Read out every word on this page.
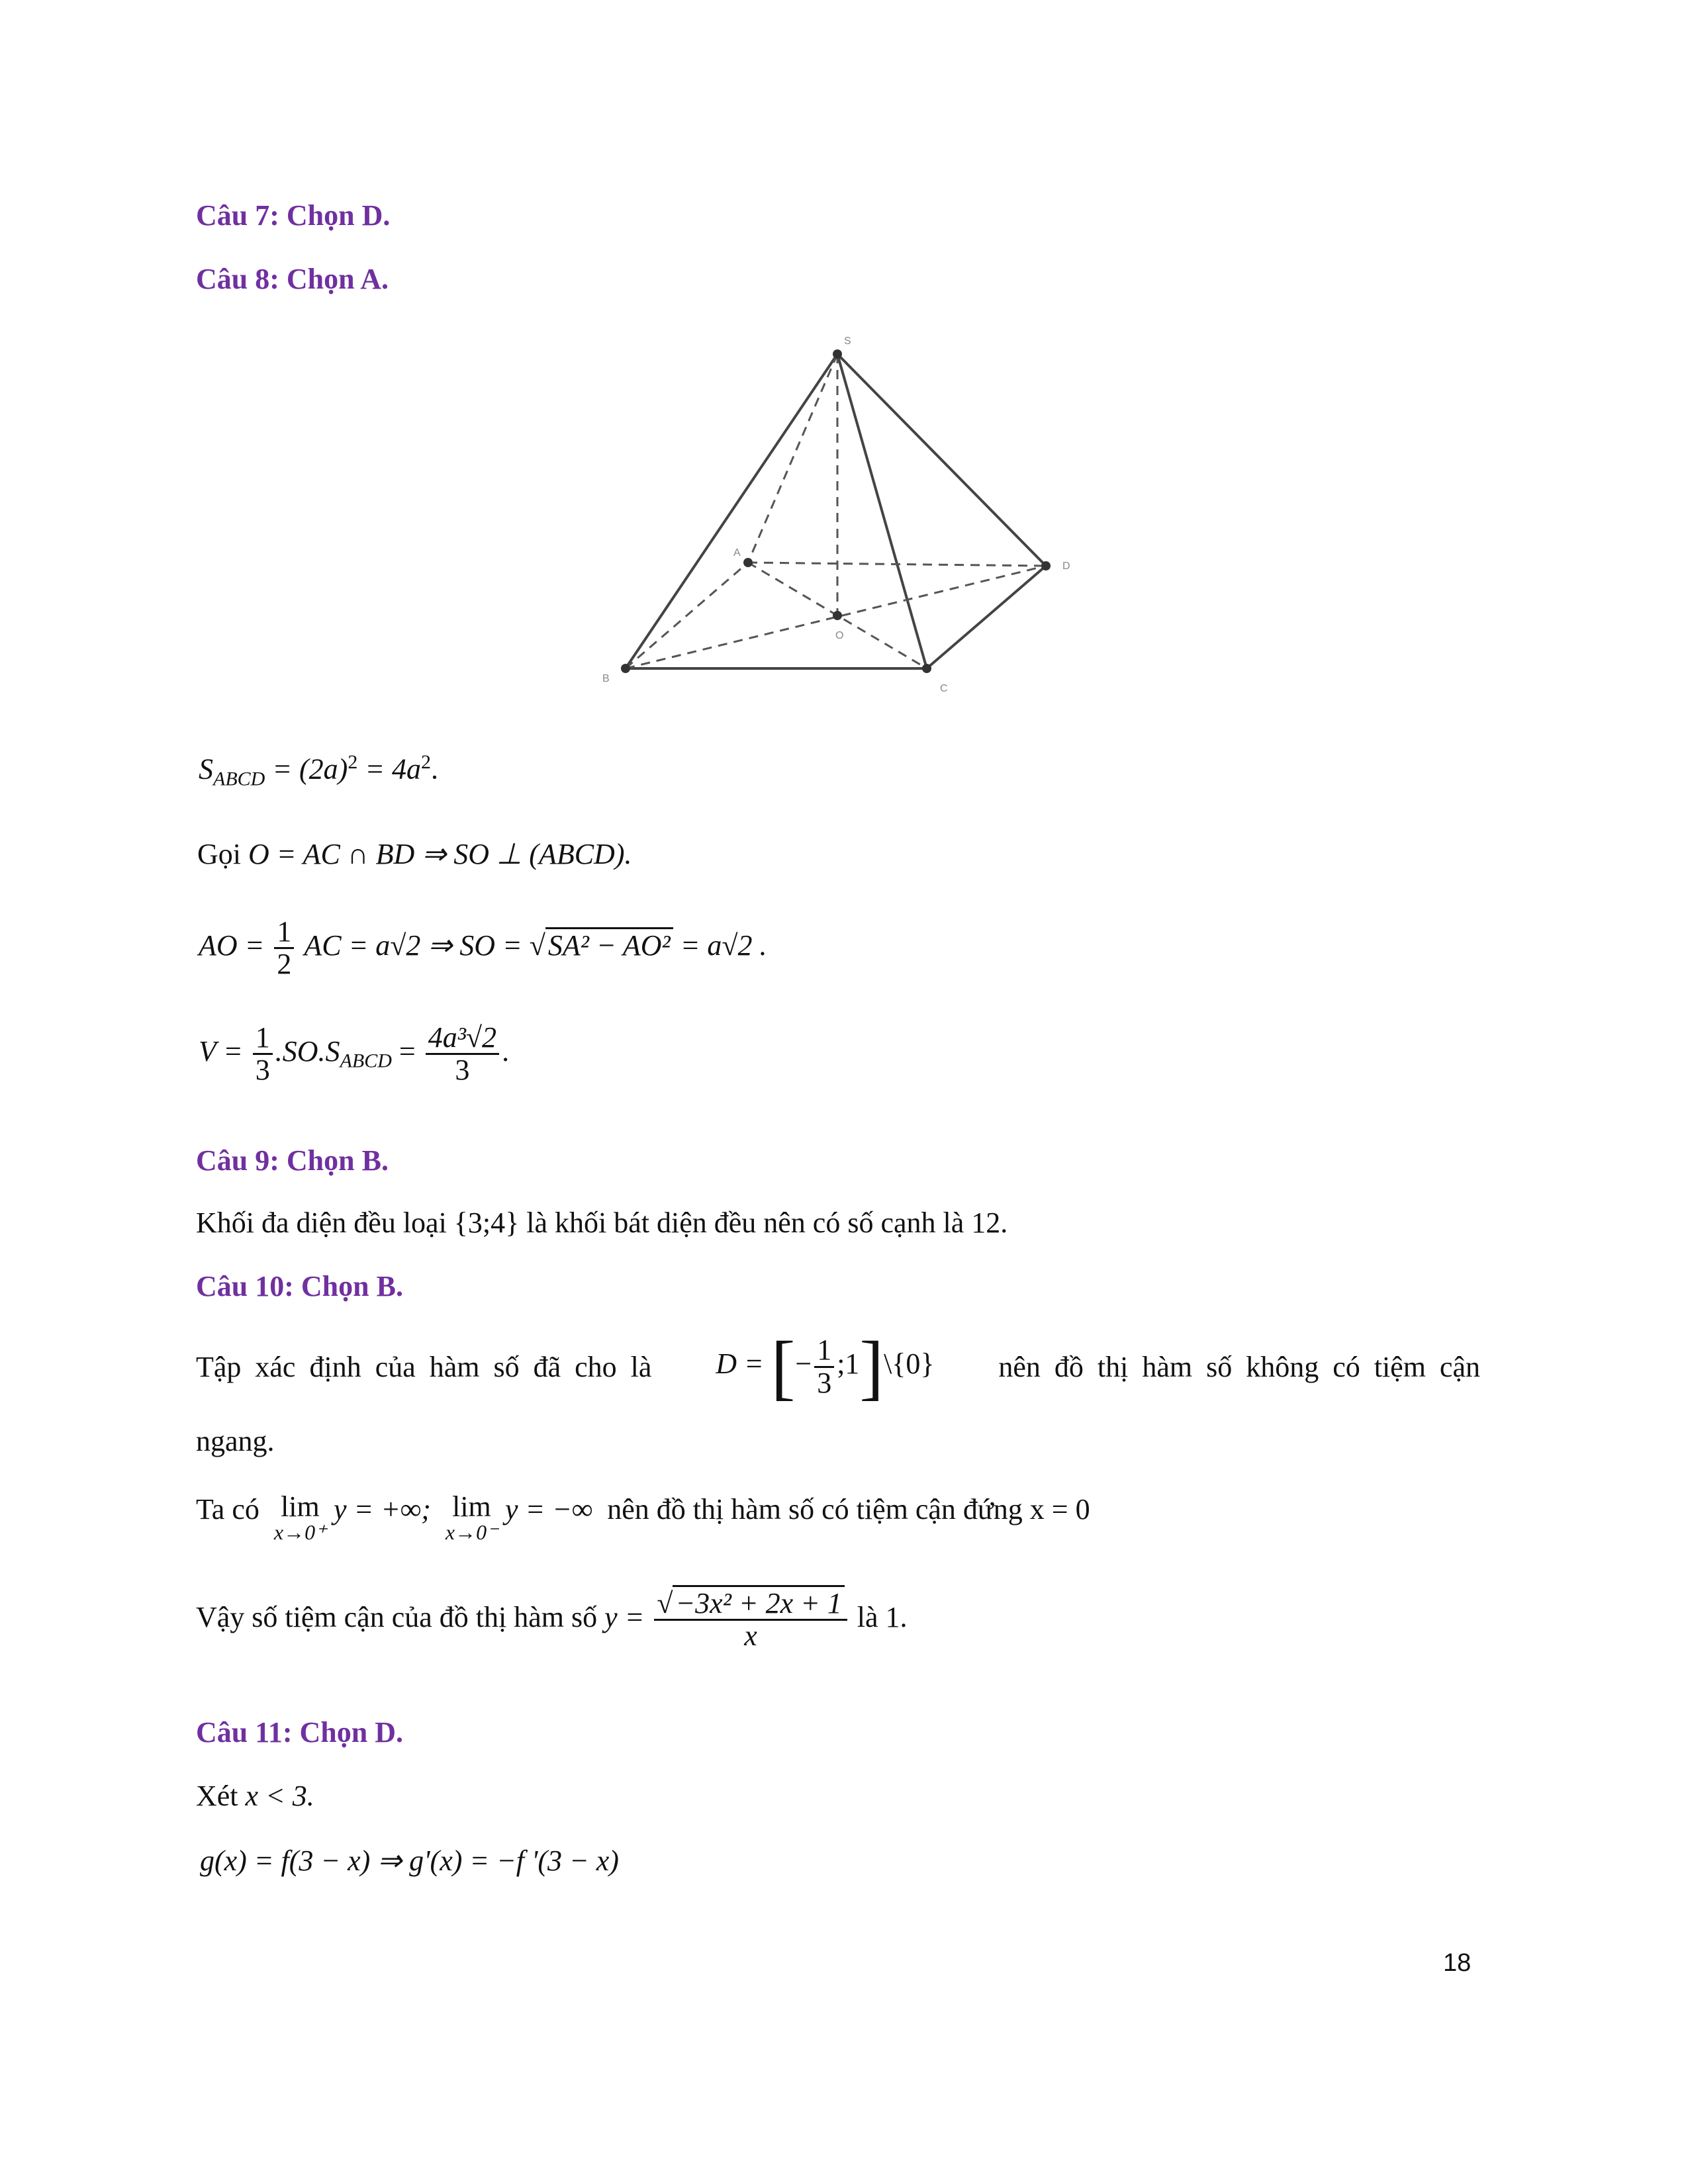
Câu 7: Chọn D.
Câu 8: Chọn A.
S
A
B
C
D
O
$S_{ABCD} = (2a)^2 = 4a^2$.
Gọi O = AC ∩ BD ⇒ SO ⊥ (ABCD).
AO = $\frac{1}{2}$ AC = a√2 ⇒ SO = √SA² − AO² = a√2 .
$V = \frac{1}{3} .SO.S_{ABCD} = \frac{\text{4a³√2}}{3}$ .
Câu 9: Chọn B.
Khối đa diện đều loại {3;4} là khối bát diện đều nên có số cạnh là 12.
Câu 10: Chọn B.
Tập xác định của hàm số đã cho là D = [− $\frac{1}{3}$ ;1]\{0} nên đồ thị hàm số không có tiệm cận
ngang.
Ta có lim
x→0⁺
y = +∞; lim
x→0⁻
y = −∞ nên đồ thị hàm số có tiệm cận đứng x = 0
Vậy số tiệm cận của đồ thị hàm số $y = \frac{\text{√−3x² + 2x + 1}}{x}$ là 1.
Câu 11: Chọn D.
Xét x < 3.
g(x) = f(3 − x) ⇒ g'(x) = −f '(3 − x)
18
